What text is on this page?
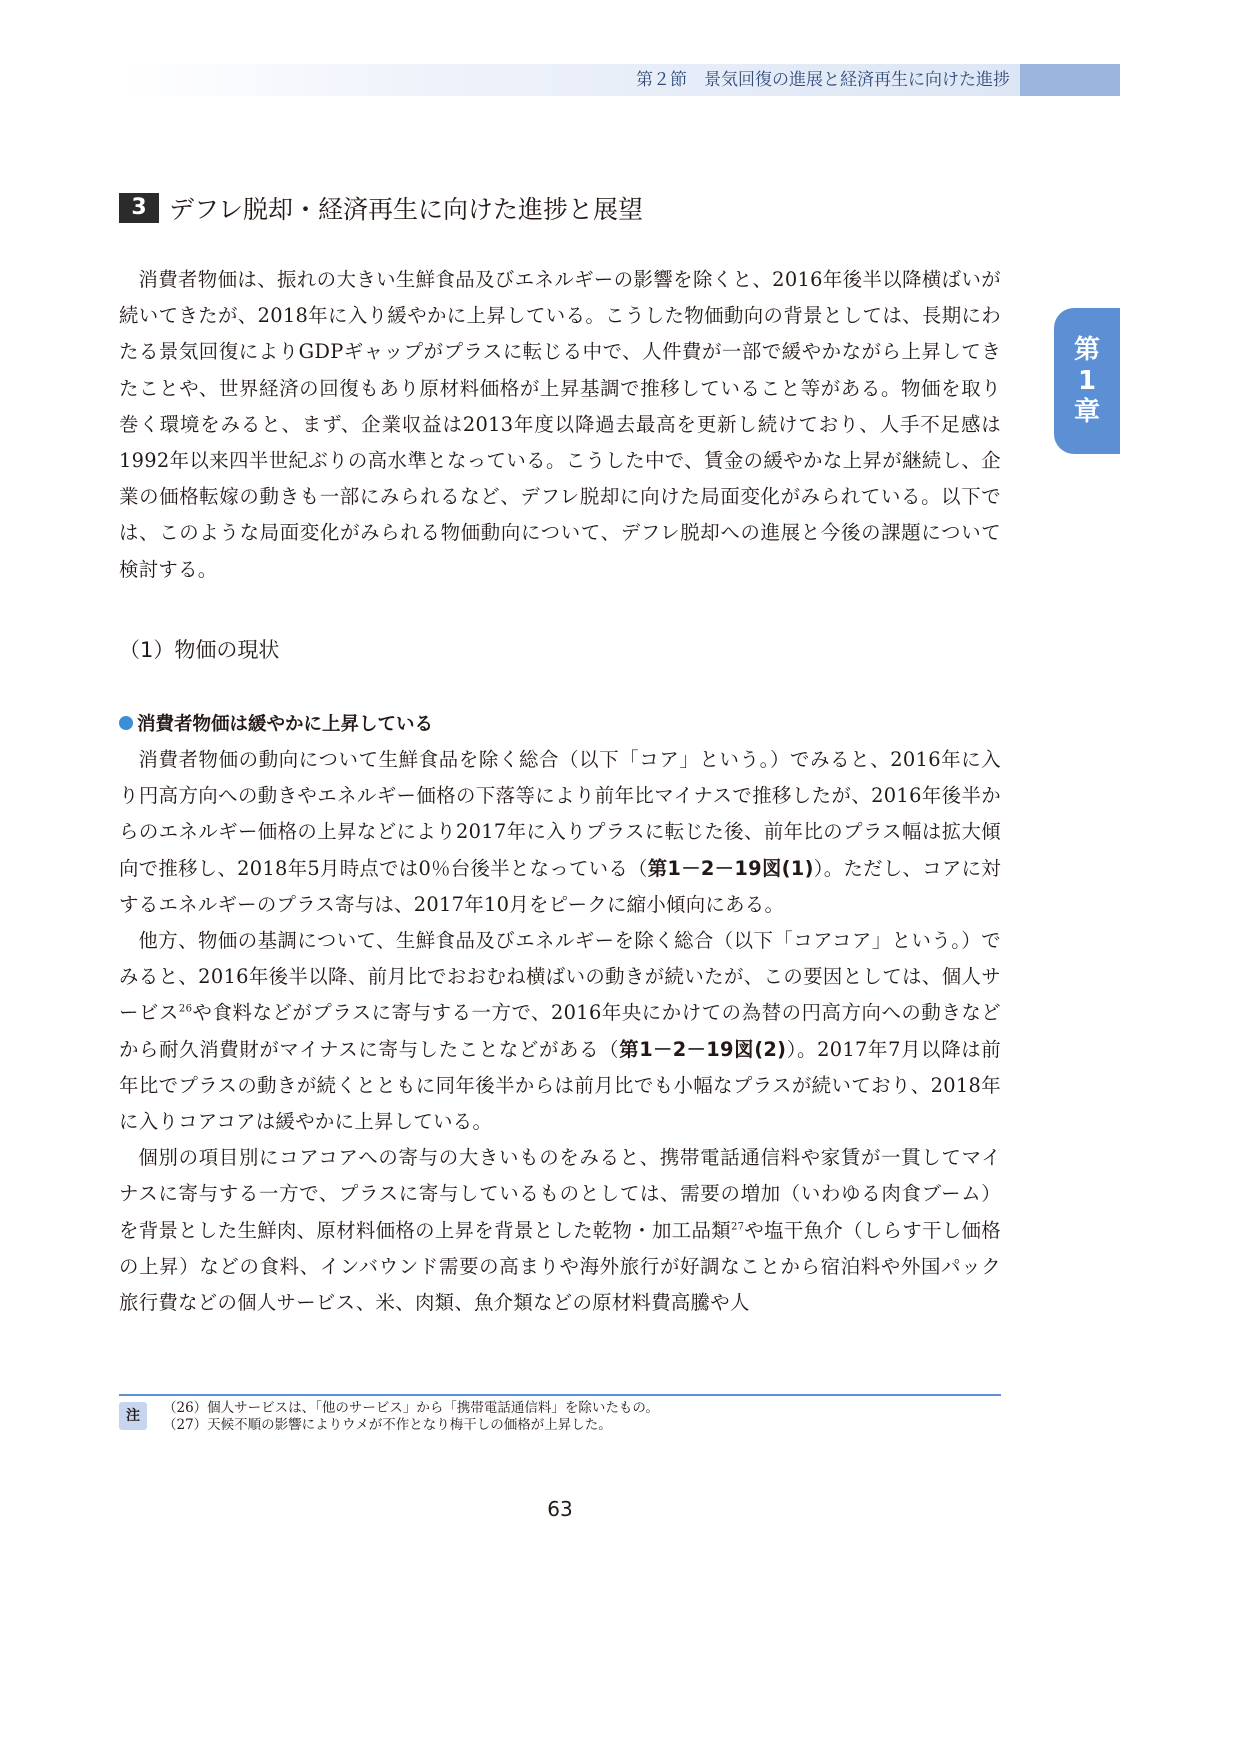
第２節　景気回復の進展と経済再生に向けた進捗
第
1
章
3 デフレ脱却・経済再生に向けた進捗と展望

消費者物価は、振れの大きい生鮮食品及びエネルギーの影響を除くと、2016年後半以降横ばいが続いてきたが、2018年に入り緩やかに上昇している。こうした物価動向の背景としては、長期にわたる景気回復によりGDPギャップがプラスに転じる中で、人件費が一部で緩やかながら上昇してきたことや、世界経済の回復もあり原材料価格が上昇基調で推移していること等がある。物価を取り巻く環境をみると、まず、企業収益は2013年度以降過去最高を更新し続けており、人手不足感は1992年以来四半世紀ぶりの高水準となっている。こうした中で、賃金の緩やかな上昇が継続し、企業の価格転嫁の動きも一部にみられるなど、デフレ脱却に向けた局面変化がみられている。以下では、このような局面変化がみられる物価動向について、デフレ脱却への進展と今後の課題について検討する。

（1）物価の現状
消費者物価は緩やかに上昇している

消費者物価の動向について生鮮食品を除く総合（以下「コア」という。）でみると、2016年に入り円高方向への動きやエネルギー価格の下落等により前年比マイナスで推移したが、2016年後半からのエネルギー価格の上昇などにより2017年に入りプラスに転じた後、前年比のプラス幅は拡大傾向で推移し、2018年5月時点では0％台後半となっている（第1－2－19図(1)）。ただし、コアに対するエネルギーのプラス寄与は、2017年10月をピークに縮小傾向にある。

他方、物価の基調について、生鮮食品及びエネルギーを除く総合（以下「コアコア」という。）でみると、2016年後半以降、前月比でおおむね横ばいの動きが続いたが、この要因としては、個人サービス$^{26}$や食料などがプラスに寄与する一方で、2016年央にかけての為替の円高方向への動きなどから耐久消費財がマイナスに寄与したことなどがある（第1－2－19図(2)）。2017年7月以降は前年比でプラスの動きが続くとともに同年後半からは前月比でも小幅なプラスが続いており、2018年に入りコアコアは緩やかに上昇している。

個別の項目別にコアコアへの寄与の大きいものをみると、携帯電話通信料や家賃が一貫してマイナスに寄与する一方で、プラスに寄与しているものとしては、需要の増加（いわゆる肉食ブーム）を背景とした生鮮肉、原材料価格の上昇を背景とした乾物・加工品類$^{27}$や塩干魚介（しらす干し価格の上昇）などの食料、インバウンド需要の高まりや海外旅行が好調なことから宿泊料や外国パック旅行費などの個人サービス、米、肉類、魚介類などの原材料費高騰や人

注	（26）個人サービスは、「他のサービス」から「携帯電話通信料」を除いたもの。
（27）天候不順の影響によりウメが不作となり梅干しの価格が上昇した。
63
